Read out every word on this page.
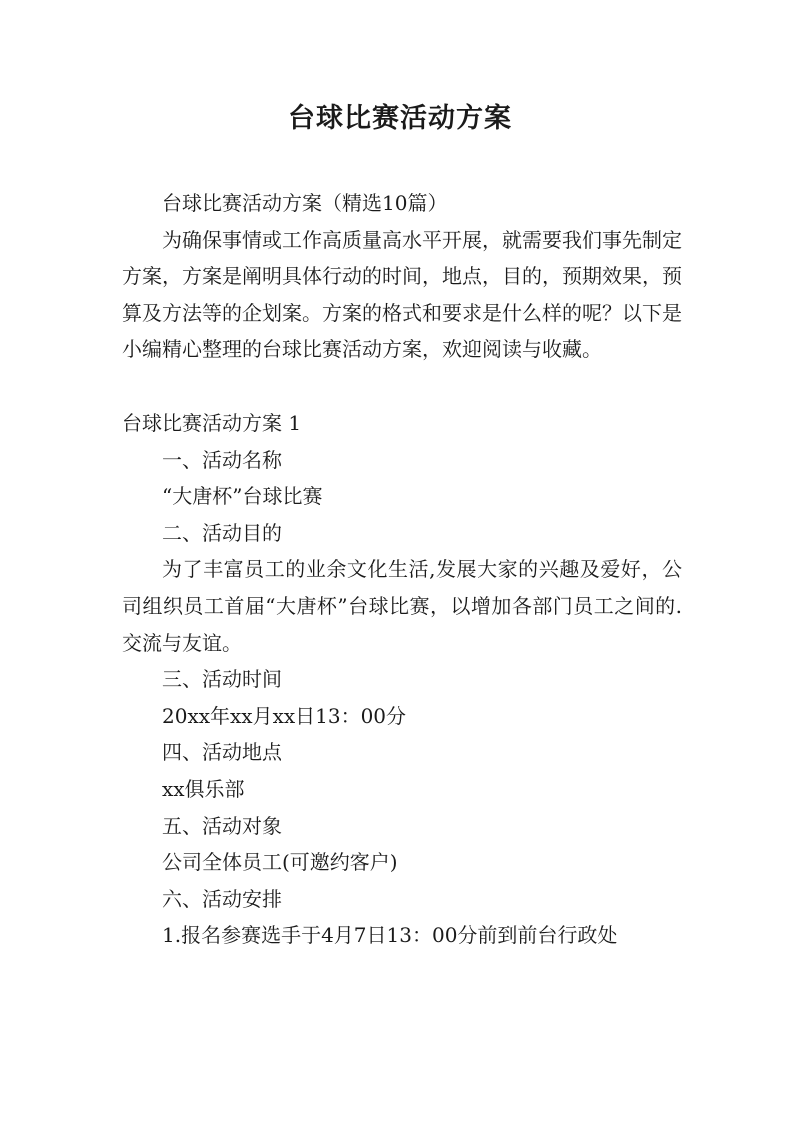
台球比赛活动方案

台球比赛活动方案（精选10篇）

为确保事情或工作高质量高水平开展，就需要我们事先制定方案，方案是阐明具体行动的时间，地点，目的，预期效果，预算及方法等的企划案。方案的格式和要求是什么样的呢？以下是小编精心整理的台球比赛活动方案，欢迎阅读与收藏。

台球比赛活动方案 1

一、活动名称

“大唐杯”台球比赛

二、活动目的

为了丰富员工的业余文化生活,发展大家的兴趣及爱好，公司组织员工首届“大唐杯”台球比赛，以增加各部门员工之间的.交流与友谊。

三、活动时间

20xx年xx月xx日13：00分

四、活动地点

xx俱乐部

五、活动对象

公司全体员工(可邀约客户)

六、活动安排

1.报名参赛选手于4月7日13：00分前到前台行政处
